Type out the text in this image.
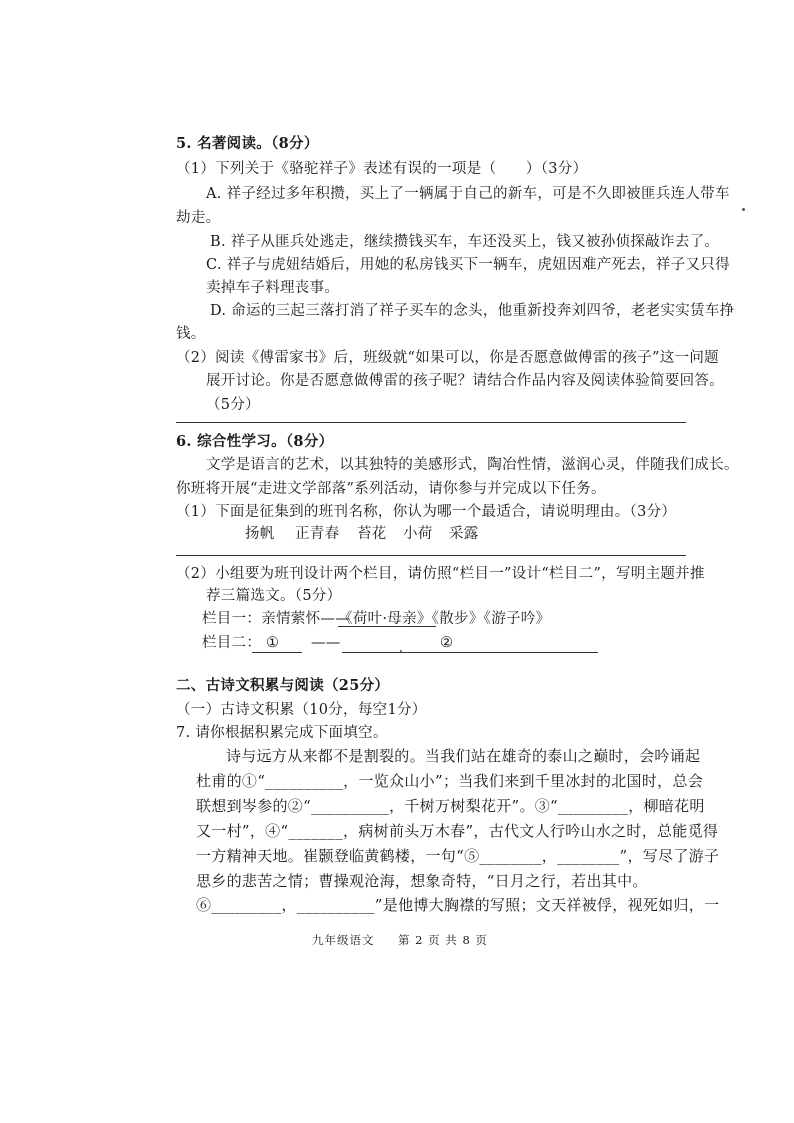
5. 名著阅读。（8分）
（1）下列关于《骆驼祥子》表述有误的一项是（　　）（3分）
A. 祥子经过多年积攒，买上了一辆属于自己的新车，可是不久即被匪兵连人带车
劫走。
B. 祥子从匪兵处逃走，继续攒钱买车，车还没买上，钱又被孙侦探敲诈去了。
C. 祥子与虎妞结婚后，用她的私房钱买下一辆车，虎妞因难产死去，祥子又只得
卖掉车子料理丧事。
D. 命运的三起三落打消了祥子买车的念头，他重新投奔刘四爷，老老实实赁车挣
钱。
（2）阅读《傅雷家书》后，班级就“如果可以，你是否愿意做傅雷的孩子”这一问题
展开讨论。你是否愿意做傅雷的孩子呢？请结合作品内容及阅读体验简要回答。
（5分）
6. 综合性学习。（8分）
文学是语言的艺术，以其独特的美感形式，陶冶性情，滋润心灵，伴随我们成长。
你班将开展“走进文学部落”系列活动，请你参与并完成以下任务。
（1）下面是征集到的班刊名称，你认为哪一个最适合，请说明理由。（3分）
扬帆 正青春 苔花 小荷 采露
（2）小组要为班刊设计两个栏目，请仿照“栏目一”设计“栏目二”，写明主题并推
荐三篇选文。（5分）
栏目一：亲情萦怀——
《荷叶·母亲》《散步》《游子吟》
栏目二： ① ——	②
二、古诗文积累与阅读（25分）
（一）古诗文积累（10分，每空1分）
7. 请你根据积累完成下面填空。
诗与远方从来都不是割裂的。当我们站在雄奇的泰山之巅时，会吟诵起
杜甫的①“__________，一览众山小”；当我们来到千里冰封的北国时，总会
联想到岑参的②“__________，千树万树梨花开”。③“_________，柳暗花明
又一村”，④“_______，病树前头万木春”，古代文人行吟山水之时，总能觅得
一方精神天地。崔颢登临黄鹤楼，一句“⑤________，________”，写尽了游子
思乡的悲苦之情；曹操观沧海，想象奇特，“日月之行，若出其中。
⑥_________，__________”是他博大胸襟的写照；文天祥被俘，视死如归，一
九年级语文 第 2 页 共 8 页
